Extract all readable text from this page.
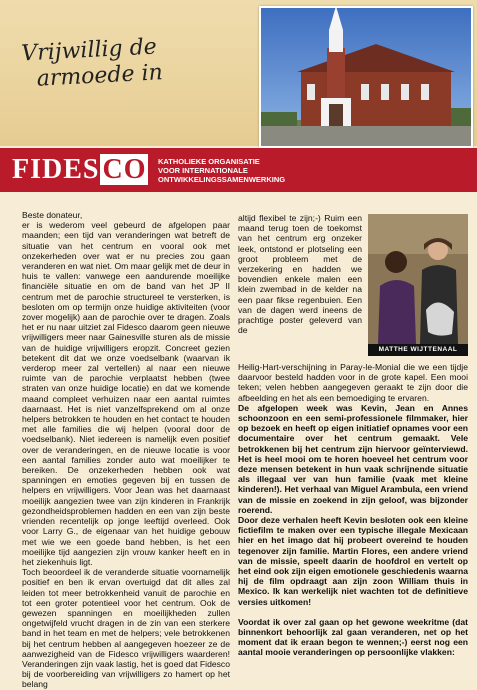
Vrijwillig de
armoede in
FIDES CO KATHOLIEKE ORGANISATIE
VOOR INTERNATIONALE
ONTWIKKELINGSSAMENWERKING

Beste donateur,

er is wederom veel gebeurd de afgelopen paar maanden; een tijd van veranderingen wat betreft de situatie van het centrum en vooral ook met onzekerheden over wat er nu precies zou gaan veranderen en wat niet. Om maar gelijk met de deur in huis te vallen: vanwege een aandurende moeilijke financiële situatie en om de band van het JP II centrum met de parochie structureel te versterken, is besloten om op termijn onze huidige aktiviteiten (voor zover mogelijk) aan de parochie over te dragen. Zoals het er nu naar uitziet zal Fidesco daarom geen nieuwe vrijwilligers meer naar Gainesville sturen als de missie van de huidige vrijwilligers eropzit. Concreet gezien betekent dit dat we onze voedselbank (waarvan ik verderop meer zal vertellen) al naar een nieuwe ruimte van de parochie verplaatst hebben (twee straten van onze huidige locatie) en dat we komende maand compleet verhuizen naar een aantal ruimtes daarnaast. Het is niet vanzelfsprekend om al onze helpers betrokken te houden en het contact te houden met alle families die wij helpen (vooral door de voedselbank). Niet iedereen is namelijk even positief over de veranderingen, en de nieuwe locatie is voor een aantal families zonder auto wat moeilijker te bereiken. De onzekerheden hebben ook wat spanningen en emoties gegeven bij en tussen de helpers en vrijwilligers. Voor Jean was het daarnaast moeilijk aangezien twee van zijn kinderen in Frankrijk gezondheidsproblemen hadden en een van zijn beste vrienden recentelijk op jonge leeftijd overleed. Ook voor Larry G., de eigenaar van het huidige gebouw met wie we een goede band hebben, is het een moeilijke tijd aangezien zijn vrouw kanker heeft en in het ziekenhuis ligt.

Toch beoordeel ik de veranderde situatie voornamelijk positief en ben ik ervan overtuigd dat dit alles zal leiden tot meer betrokkenheid vanuit de parochie en tot een groter potentieel voor het centrum. Ook de gewezen spanningen en moeilijkheden zullen ongetwijfeld vrucht dragen in de zin van een sterkere band in het team en met de helpers; vele betrokkenen bij het centrum hebben al aangegeven hoezeer ze de aanwezigheid van de Fidesco vrijwilligers waarderen! Veranderingen zijn vaak lastig, het is goed dat Fidesco bij de voorbereiding van vrijwilligers zo hamert op het belang

altijd flexibel te zijn;-) Ruim een maand terug toen de toekomst van het centrum erg onzeker leek, ontstond er plotseling een groot probleem met de verzekering en hadden we bovendien enkele malen een klein zwembad in de kelder na een paar fikse regenbuien. Een van de dagen werd ineens de prachtige poster geleverd van de

MATTHE WIJTTENAAL

Heilig-Hart-verschijning in Paray-le-Monial die we een tijdje daarvoor besteld hadden voor in de grote kapel. Een mooi teken; velen hebben aangegeven geraakt te zijn door die afbeelding en het als een bemoediging te ervaren.

De afgelopen week was Kevin, Jean en Annes schoonzoon en een semi-professionele filmmaker, hier op bezoek en heeft op eigen initiatief opnames voor een documentaire over het centrum gemaakt. Vele betrokkenen bij het centrum zijn hiervoor geïnterviewd. Het is heel mooi om te horen hoeveel het centrum voor deze mensen betekent in hun vaak schrijnende situatie als illegaal ver van hun familie (vaak met kleine kinderen!). Het verhaal van Miguel Arambula, een vriend van de missie en zoekend in zijn geloof, was bijzonder roerend.

Door deze verhalen heeft Kevin besloten ook een kleine fictiefilm te maken over een typische illegale Mexicaan hier en het imago dat hij probeert overeind te houden tegenover zijn familie. Martin Flores, een andere vriend van de missie, speelt daarin de hoofdrol en vertelt op het eind ook zijn eigen emotionele geschiedenis waarna hij de film opdraagt aan zijn zoon William thuis in Mexico. Ik kan werkelijk niet wachten tot de definitieve versies uitkomen!

Voordat ik over zal gaan op het gewone weekritme (dat binnenkort behoorlijk zal gaan veranderen, net op het moment dat ik eraan begon te wennen;-) eerst nog een aantal mooie veranderingen op persoonlijke vlakken:
